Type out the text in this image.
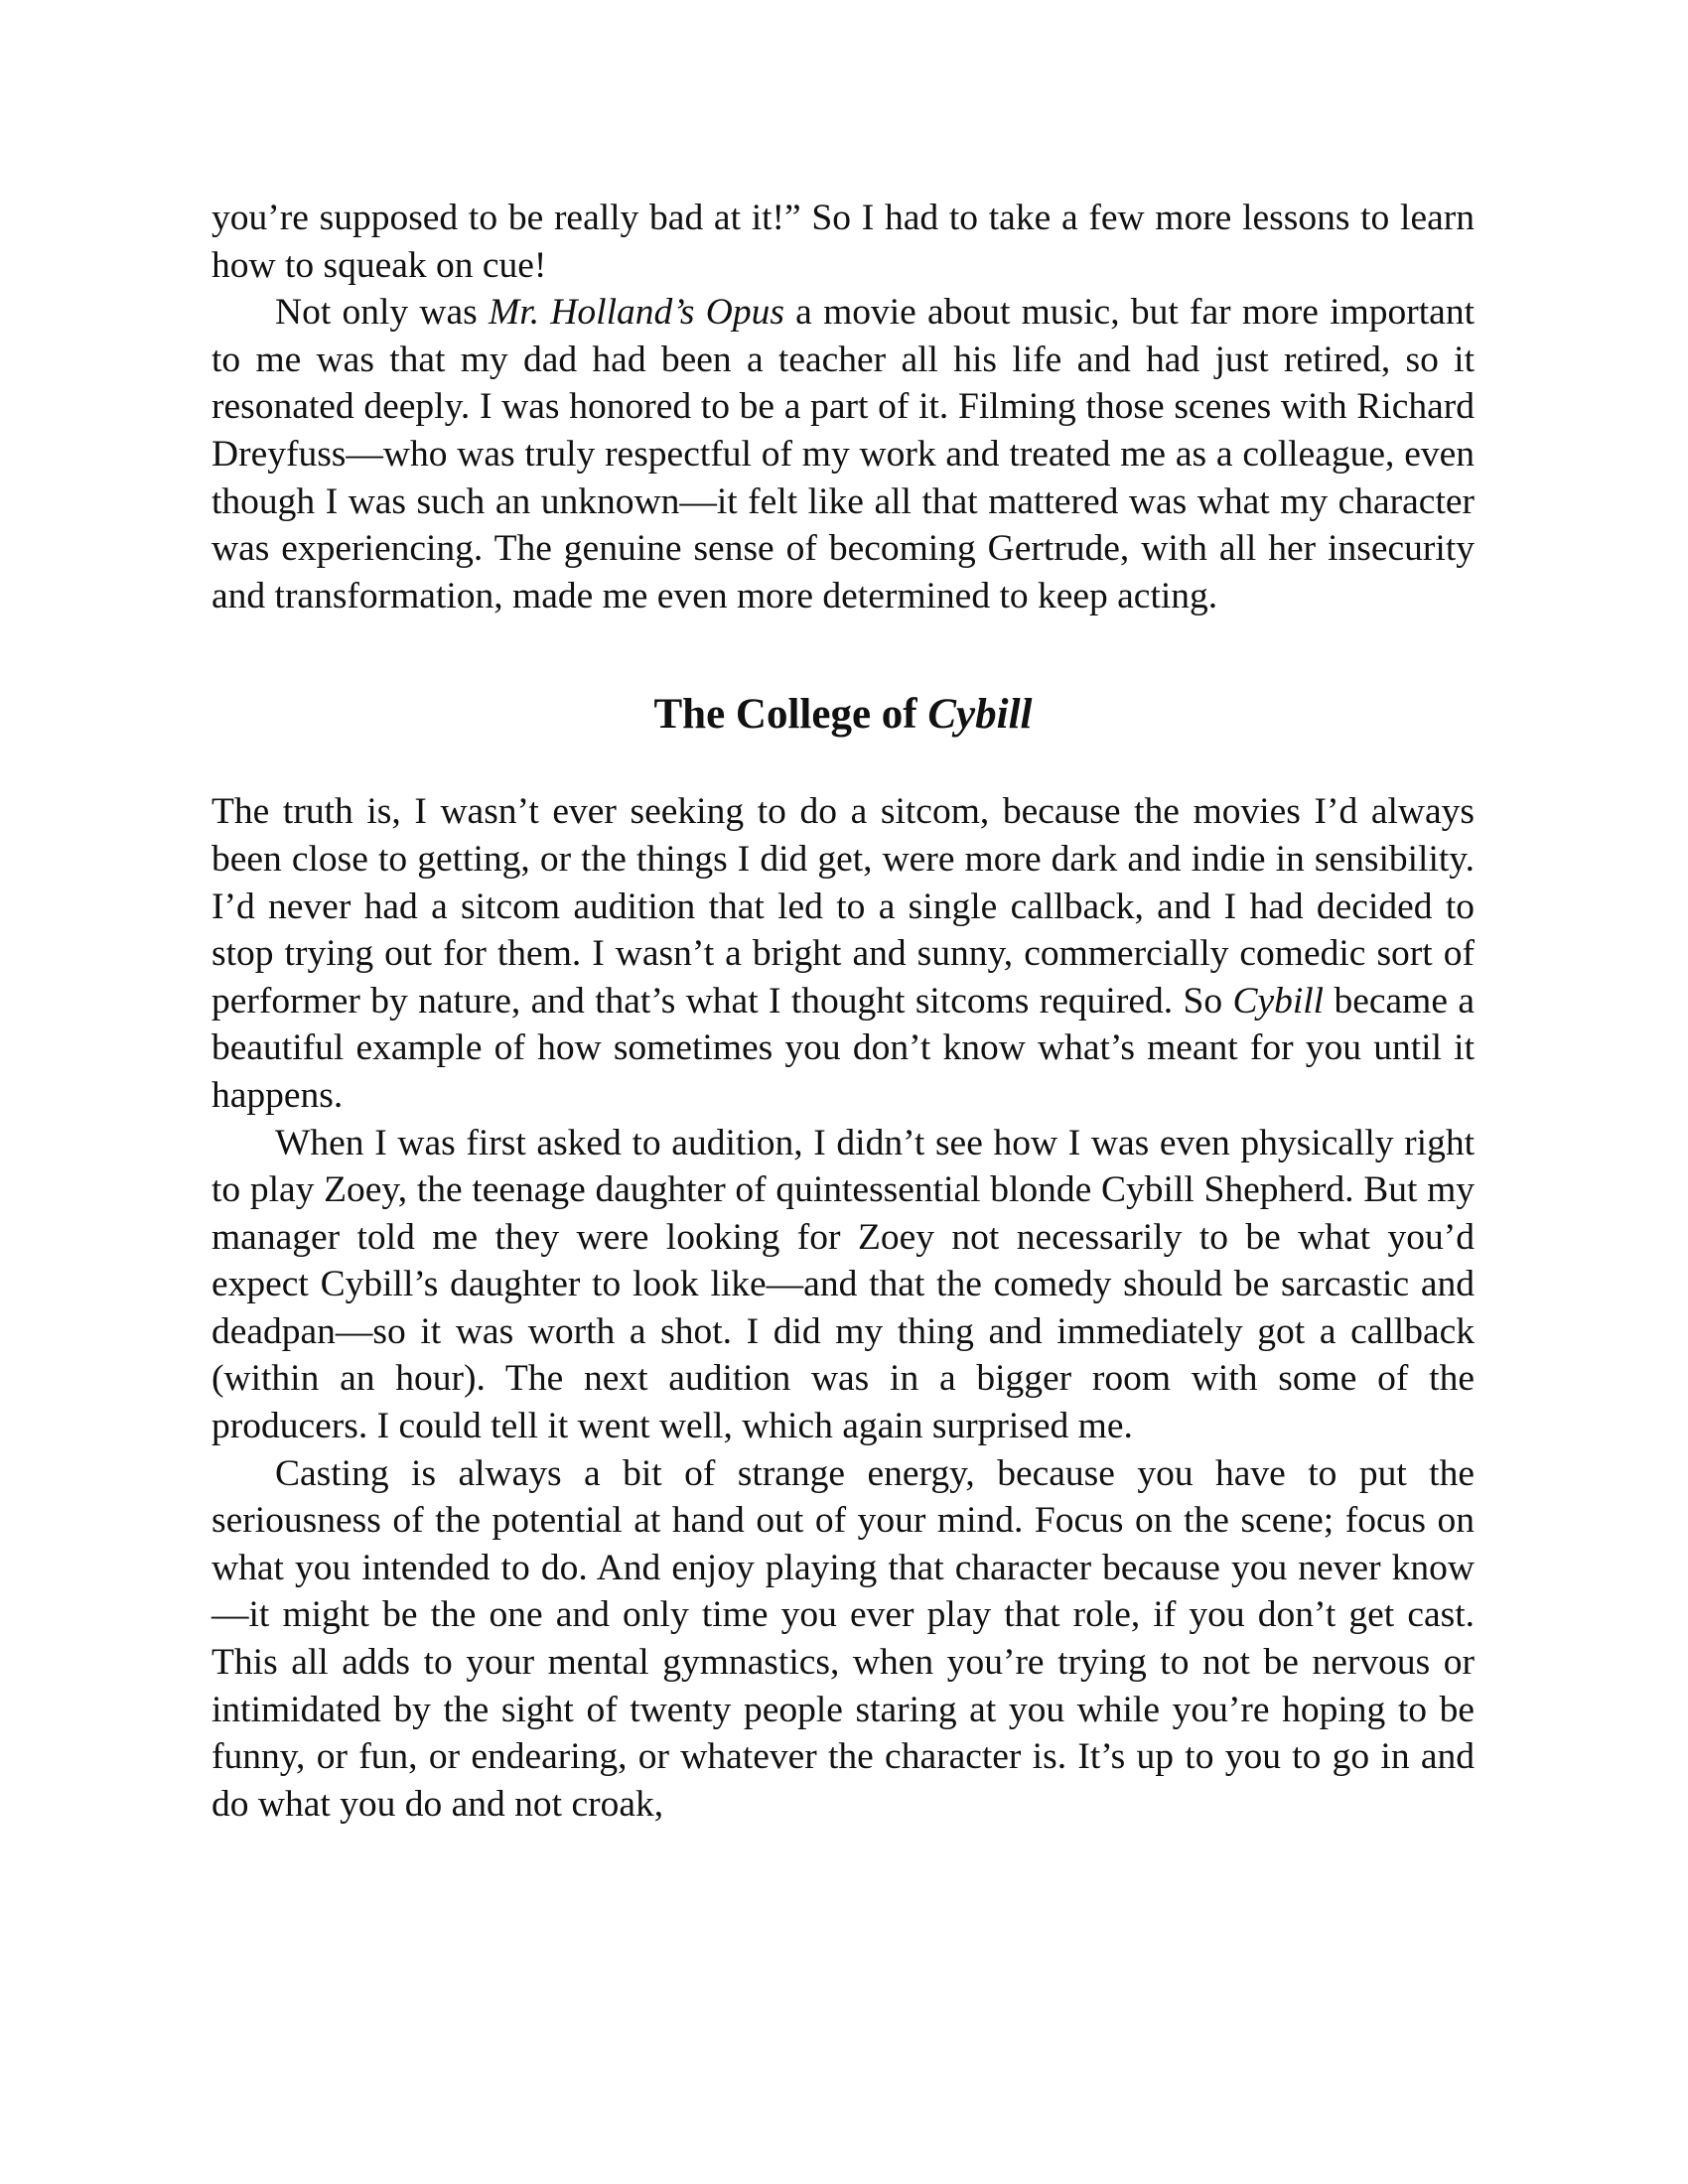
you’re supposed to be really bad at it!” So I had to take a few more lessons to learn how to squeak on cue!

Not only was Mr. Holland’s Opus a movie about music, but far more important to me was that my dad had been a teacher all his life and had just retired, so it resonated deeply. I was honored to be a part of it. Filming those scenes with Richard Dreyfuss—who was truly respectful of my work and treated me as a colleague, even though I was such an unknown—it felt like all that mattered was what my character was experiencing. The genuine sense of becoming Gertrude, with all her insecurity and transformation, made me even more determined to keep acting.

The College of Cybill

The truth is, I wasn’t ever seeking to do a sitcom, because the movies I’d always been close to getting, or the things I did get, were more dark and indie in sensibility. I’d never had a sitcom audition that led to a single callback, and I had decided to stop trying out for them. I wasn’t a bright and sunny, commercially comedic sort of performer by nature, and that’s what I thought sitcoms required. So Cybill became a beautiful example of how sometimes you don’t know what’s meant for you until it happens.

When I was first asked to audition, I didn’t see how I was even physically right to play Zoey, the teenage daughter of quintessential blonde Cybill Shepherd. But my manager told me they were looking for Zoey not necessarily to be what you’d expect Cybill’s daughter to look like—and that the comedy should be sarcastic and deadpan—so it was worth a shot. I did my thing and immediately got a callback (within an hour). The next audition was in a bigger room with some of the producers. I could tell it went well, which again surprised me.

Casting is always a bit of strange energy, because you have to put the seriousness of the potential at hand out of your mind. Focus on the scene; focus on what you intended to do. And enjoy playing that character because you never know—it might be the one and only time you ever play that role, if you don’t get cast. This all adds to your mental gymnastics, when you’re trying to not be nervous or intimidated by the sight of twenty people staring at you while you’re hoping to be funny, or fun, or endearing, or whatever the character is. It’s up to you to go in and do what you do and not croak,
